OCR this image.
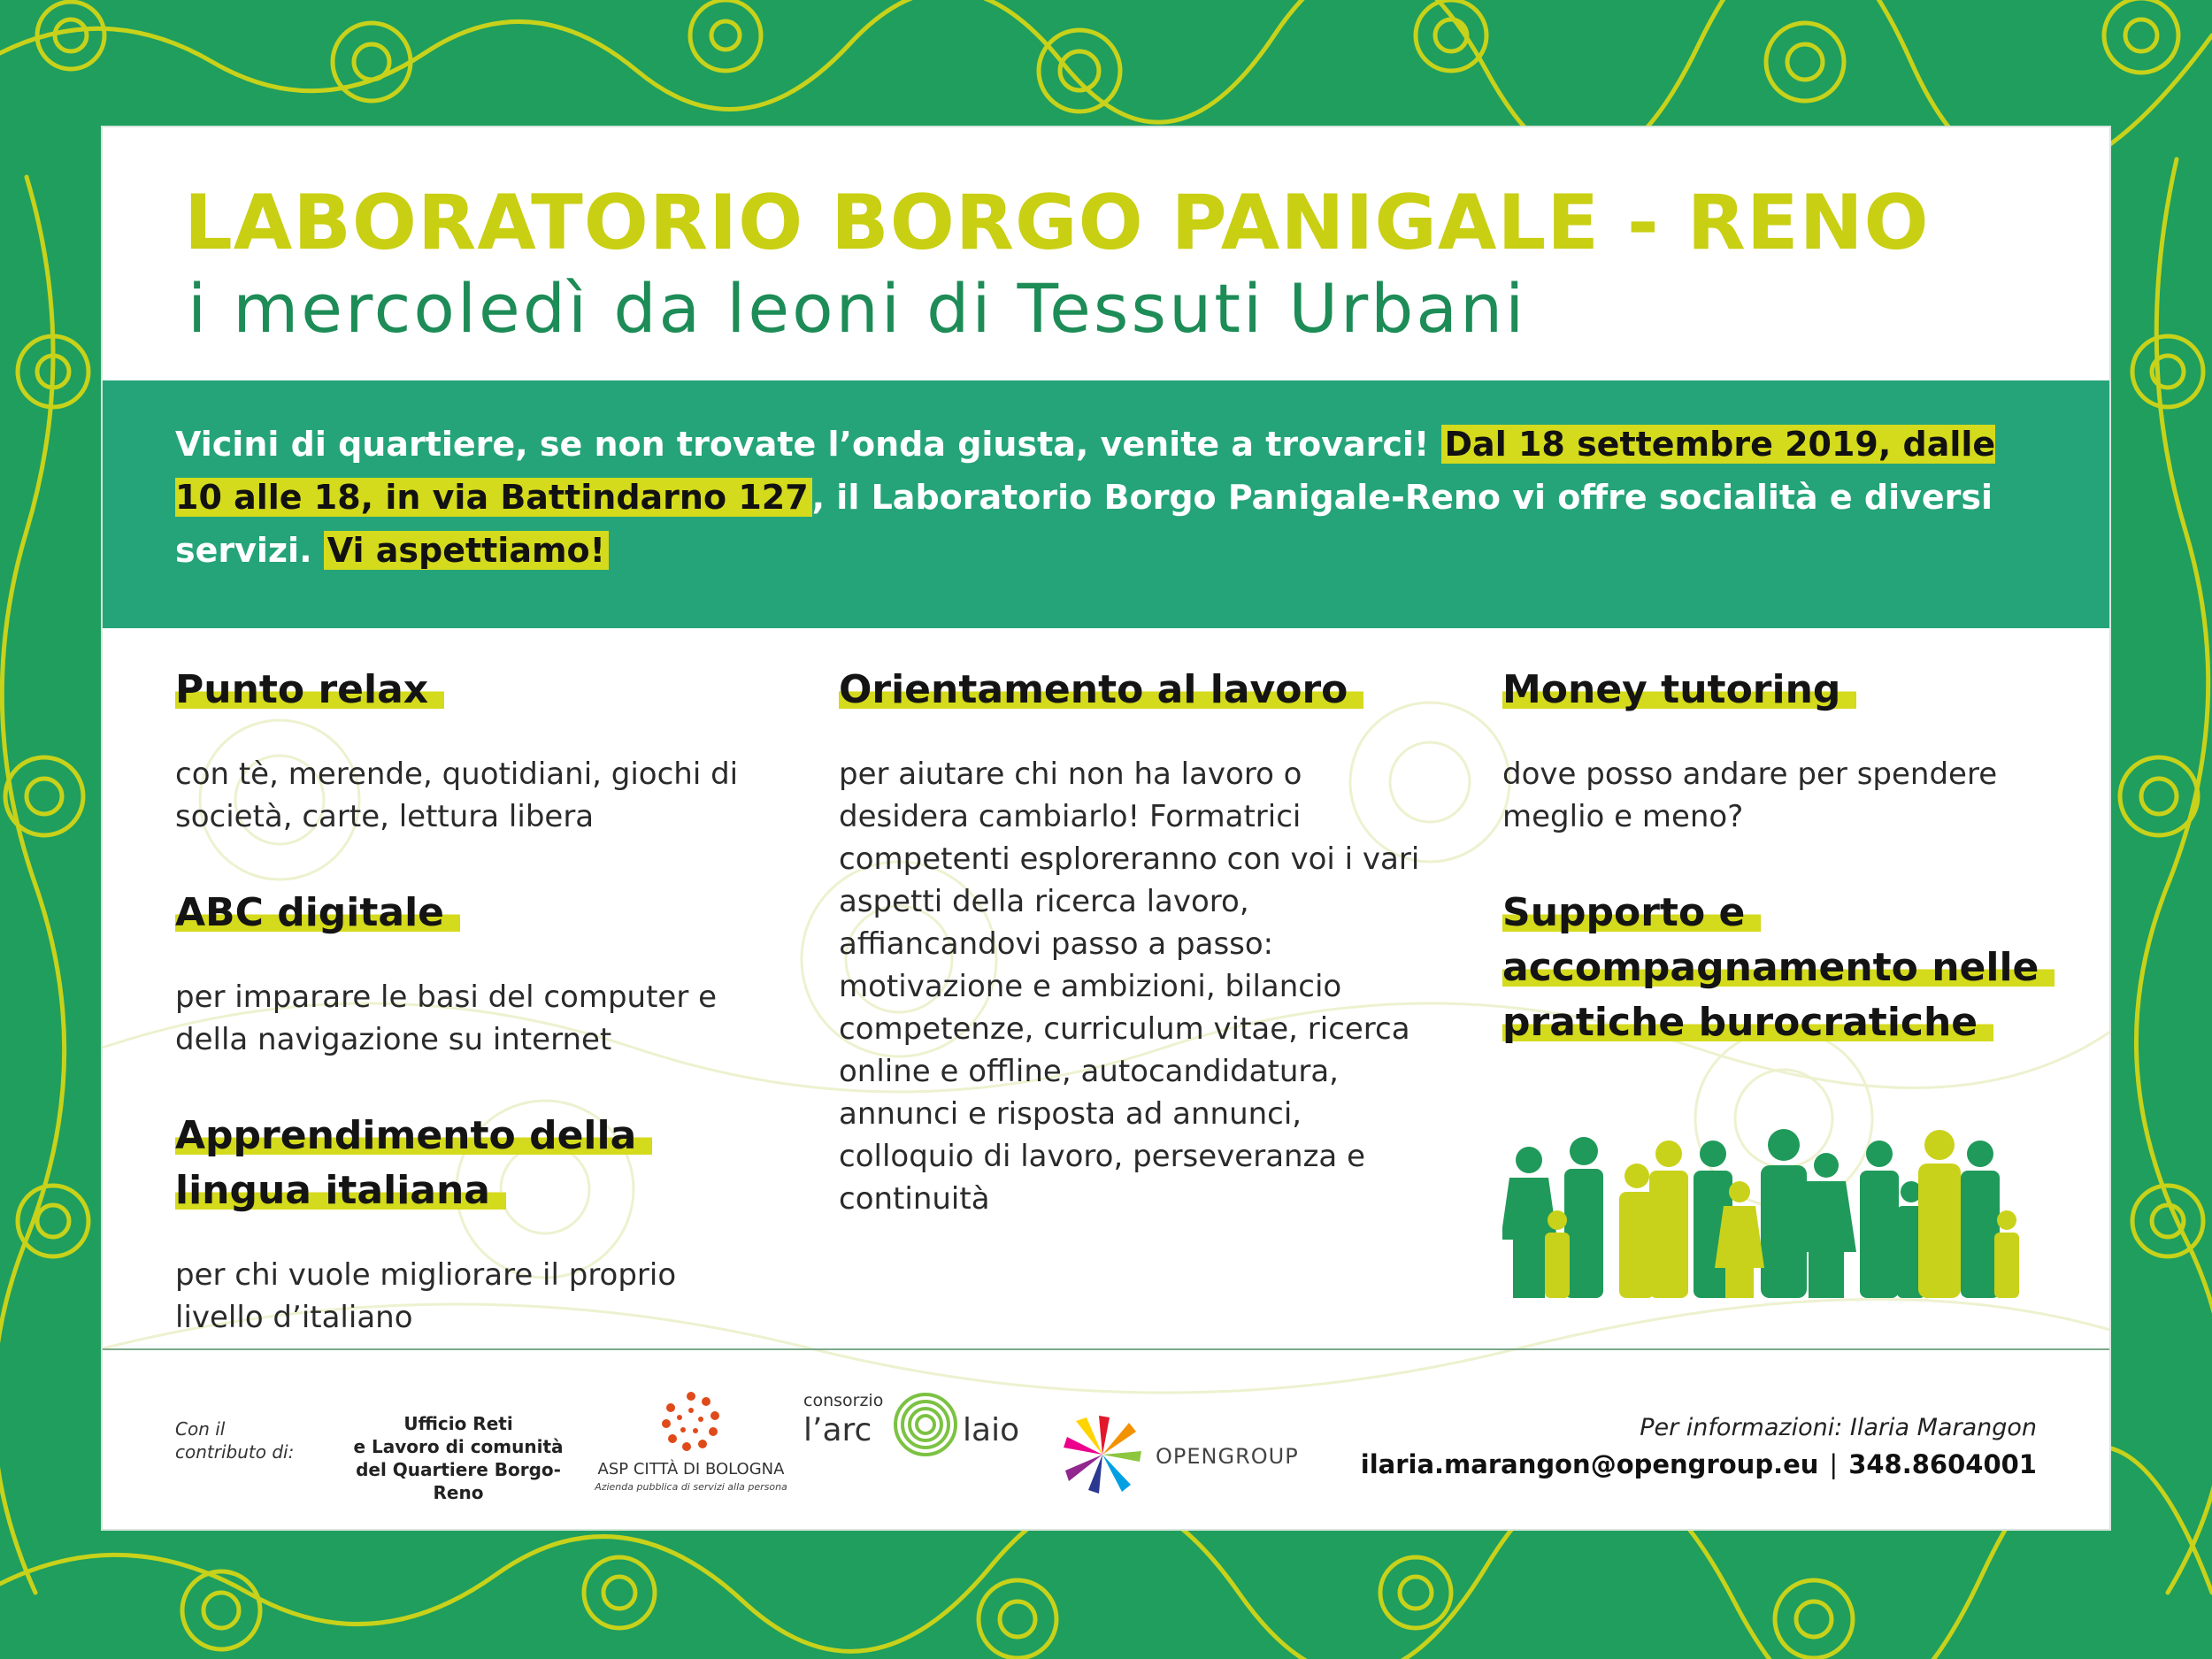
LABORATORIO BORGO PANIGALE - RENO
i mercoledì da leoni di Tessuti Urbani

Vicini di quartiere, se non trovate l’onda giusta, venite a trovarci! Dal 18 settembre 2019, dalle 10 alle 18, in via Battindarno 127 , il Laboratorio Borgo Panigale-Reno vi offre socialità e diversi servizi. Vi aspettiamo!

Punto relax

con tè, merende, quotidiani, giochi di società, carte, lettura libera

ABC digitale

per imparare le basi del computer e della navigazione su internet

Apprendimento della lingua italiana

per chi vuole migliorare il proprio livello d’italiano

Orientamento al lavoro

per aiutare chi non ha lavoro o desidera cambiarlo! Formatrici competenti esploreranno con voi i vari aspetti della ricerca lavoro, affiancandovi passo a passo: motivazione e ambizioni, bilancio competenze, curriculum vitae, ricerca online e offline, autocandidatura, annunci e risposta ad annunci, colloquio di lavoro, perseveranza e continuità

Money tutoring

dove posso andare per spendere meglio e meno?

Supporto e accompagnamento nelle pratiche burocratiche

Con il
contributo di:

Ufficio Reti
e Lavoro di comunità
del Quartiere Borgo-Reno

ASP CITTÀ DI BOLOGNA
Azienda pubblica di servizi alla persona
consorzio
l’arc	laio
OPENGROUP

Per informazioni: Ilaria Marangon

ilaria.marangon@opengroup.eu | 348.8604001
